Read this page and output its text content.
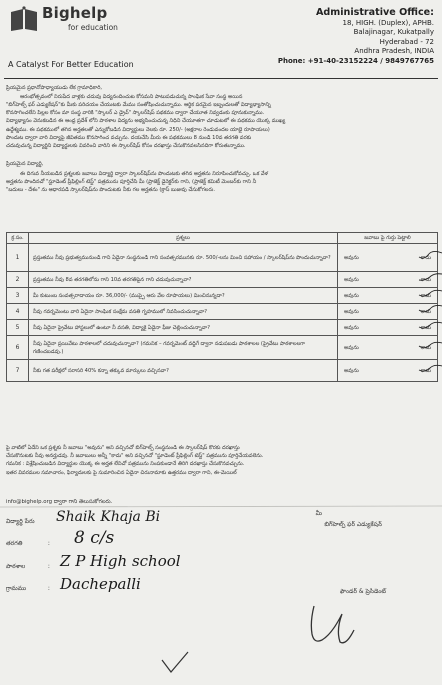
Bighelp
for education
A Catalyst For Better Education
Administrative Office:
18, HIGH. (Duplex), APHB.
Balajinagar, Kukatpally
Hyderabad - 72
Andhra Pradesh, INDIA
Phone: +91-40-23152224 / 9849767765
ప్రియమైన ప్రధానోపాధ్యాయుడు లేక గ్రామాధికారి,
ఆరంభోత్సవంలో నిరుపేద వాళ్లకు చదువు విద్యనందించుట కోసమని పాటుపడుచున్న సాంఘిక సేవా సంస్థ అయిన
"బిగ్‌హెల్ప్ ఫర్ ఎడ్యుకేషన్"కు మీకు పరిచయం చేయుటకు మేము సంతోషించుచున్నాము. ఆర్థిక పరమైన ఇబ్బందులతో విద్యాభ్యాసాన్ని
కొనసాగించలేని పిల్లల కోసం మా సంస్థ వారికి "స్కాలర్ ఎ డ్రైవ్" స్కాలర్‌షిప్ పథకము ద్వారా చేయూత నివ్వడంకు పూనుకున్నాము.
విద్యాభ్యాసం వెనుకబడిన ఈ ఆంధ్ర ప్రదేశ్ లోని పాఠశాల విద్యను అభ్యసించుచున్న నిధిని చేయూతగా చూడుటలో ఈ పథకము యొక్క ముఖ్య
ఉద్దేశ్యము. ఈ పథకములో తగిన అర్హతలతో ఎన్నుకోబడిన విద్యార్థులు నెలకు రూ. 250/- (అక్షరాల రెండువందల యాభై రూపాయలు)
పొందుట ద్వారా వారి విద్యాపై జీవితము కొనసాగించ వచ్చును. దయచేసి మీరు ఈ పథకములు 8 నుండి 10వ తరగతి వరకు
చదువుచున్న విద్యార్థిని విద్యార్థులకు వివరించి వారిని ఈ స్కాలర్‌షిప్ కోసం దరఖాస్తు చేసుకొనవలసినదిగా కోరుతున్నాము.
ప్రియమైన విద్యార్థి,
ఈ దిగువ నీయబడిన ప్రశ్నలకు జవాబు విద్యార్థి ద్వారా స్కాలర్‌షిప్‌ను పొందుటకు తగిన అర్హతను నిరూపించుకోవచ్చు. ఒక వేళ
అర్హతను పొందినచో "స్టూడెంట్ ప్రీఫిల్లింగ్ టెస్ట్" పత్రమును పూర్తిచేసి మీ (ప్రాజెక్ట్ డైరెక్టర్‌కు గాని, (ప్రాజెక్ట్ కమిటీ మెంబర్‌కు గాని నీ
"బదులు - దేశం" ను ఆధారపడి స్కాలర్‌షిప్‌ను పొందుటకు నీకు గల అర్హతను (క్రాస్ బుజువు చేసుకోగలరు.
క్ర.సం.	ప్రశ్నలు	జవాబు పై గుర్తు పెట్టాలి
1	ప్రస్తుతము నీవు ప్రభుత్వమునుండి గాని ఏదైనా సంస్థనుండి గాని సంవత్సరమునకు రూ. 500/-లను మించి సహాయం / స్కాలర్‌షిప్‌ను పొందుచున్నావా?	అవును కాదు

2	ప్రస్తుతము నీవు 8వ తరగతిలోను గాని 10వ తరగతిపైన గాని చదువుచున్నావా?	అవును కాదు

3	మీ కుటుంబ సంవత్సరాదాయం రూ. 36,000/- (ముప్పై ఆరు వేల రూపాయలు) మించినున్నదా?	అవును కాదు

4	నీవు గవర్నమెంటు వారి ఏదైనా సాంఘిక సంక్షేమ వసతి గృహములో నివసించుచున్నావా?	అవును కాదు

5	నీవు ఏదైనా ప్రైవేటు హాస్టలులో ఉంటూ నీ వసతి, విద్యాకై ఏదైనా ఫీజు చెల్లించుచున్నావా?	అవును కాదు

6	నీవు ఏదైనా ప్రయివేటు పాఠశాలలో చదువుచున్నావా? (గమనిక – గవర్నమెంట్ వద్దిగే ద్వారా నడుపబడు పాఠశాలల (ప్రైవేటు పాఠశాలలగా గణించబడవు.)	అవును కాదు

7	నీకు గత పరీక్షలో సరాసరి 40% కన్నా తక్కువ మార్కులు వచ్చినవా?	అవును కాదు
పై వాటిలో ఏదేని ఒక ప్రశ్నకు నీ జవాబు "అవును" అని వచ్చినచో బిగ్‌హెల్ప్ సంస్థనుండి ఈ స్కాలర్‌షిప్ కొరకు దరఖాస్తు
చేసుకొనుటకు నీవు అనర్హుడవు. నీ జవాబులు అన్నీ "కాదు" అని వచ్చినచో "స్టూడెంట్ ప్రీఫిల్లింగ్ టెస్ట్" పత్రమును పూర్తిచేయవలెను.
గమనిక : విశ్లేషించుబడిన విద్యార్థుల యొక్క ఈ అర్హత లేనిచో పత్రమును నింపకుండానే తిరిగి దరఖాస్తు చేసుకొనవచ్చును.
ఇతర వివరముల సమాచారం, ఫిర్యాదులకు పై సుమారించిన ఏదైనా చిరునామాకు ఉత్తరము ద్వారా గాని, ఈ-మెయిల్
info@bighelp.org ద్వారా గాని తెలుసుకోగలరు.
విద్యార్థి పేరు	Shaik Khaja Bi
తరగతి	:	8 c/s
పాఠశాల	: Z P High school
గ్రామము	: Dachepalli
మీ
బిగ్‌హెల్ప్ ఫర్ ఎడ్యుకేషన్
ఫౌండర్ & ప్రెసిడెంట్
